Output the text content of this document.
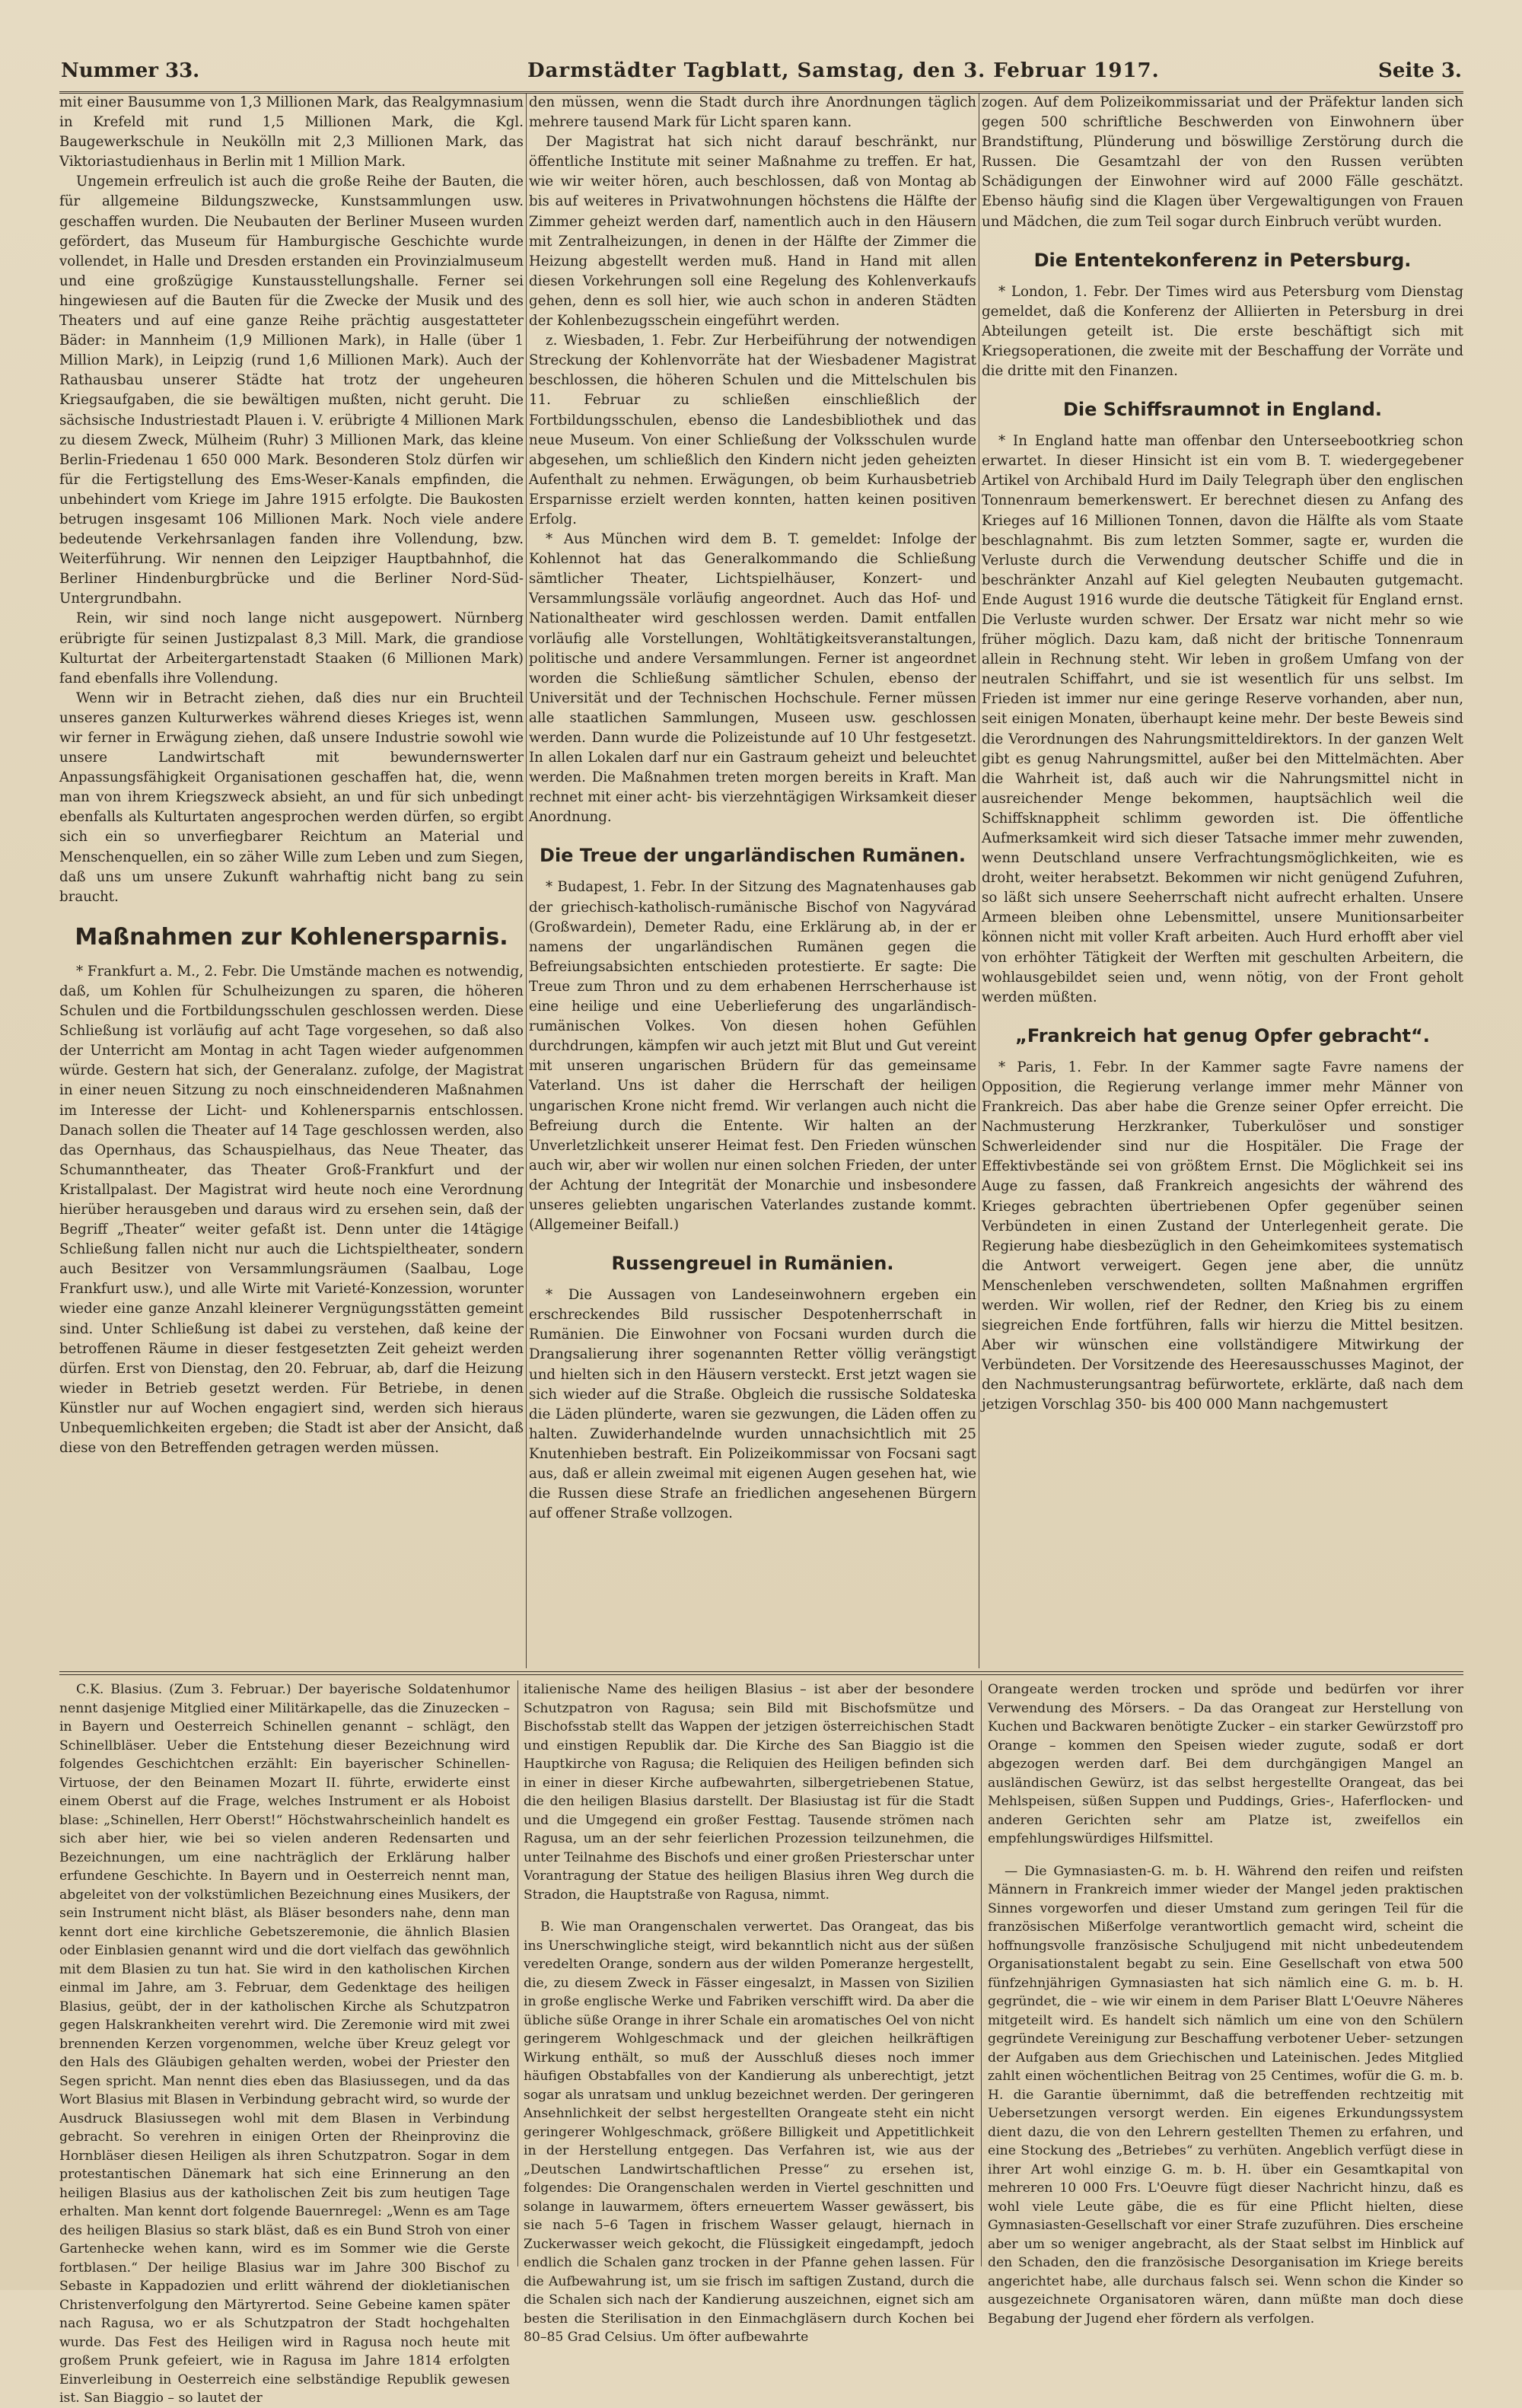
Nummer 33.	Darmstädter Tagblatt, Samstag, den 3. Februar 1917.	Seite 3.

mit einer Bausumme von 1,3 Millionen Mark, das Realgymnasium in Krefeld mit rund 1,5 Millionen Mark, die Kgl. Baugewerkschule in Neukölln mit 2,3 Millionen Mark, das Viktoriastudienhaus in Berlin mit 1 Million Mark.

Ungemein erfreulich ist auch die große Reihe der Bauten, die für allgemeine Bildungszwecke, Kunstsammlungen usw. geschaffen wurden. Die Neubauten der Berliner Museen wurden gefördert, das Museum für Hamburgische Geschichte wurde vollendet, in Halle und Dresden erstanden ein Provinzialmuseum und eine großzügige Kunstausstellungshalle. Ferner sei hingewiesen auf die Bauten für die Zwecke der Musik und des Theaters und auf eine ganze Reihe prächtig ausgestatteter Bäder: in Mannheim (1,9 Millionen Mark), in Halle (über 1 Million Mark), in Leipzig (rund 1,6 Millionen Mark). Auch der Rathausbau unserer Städte hat trotz der ungeheuren Kriegsaufgaben, die sie bewältigen mußten, nicht geruht. Die sächsische Industriestadt Plauen i. V. erübrigte 4 Millionen Mark zu diesem Zweck, Mülheim (Ruhr) 3 Millionen Mark, das kleine Berlin-Friedenau 1 650 000 Mark. Besonderen Stolz dürfen wir für die Fertigstellung des Ems-Weser-Kanals empfinden, die unbehindert vom Kriege im Jahre 1915 erfolgte. Die Baukosten betrugen insgesamt 106 Millionen Mark. Noch viele andere bedeutende Verkehrsanlagen fanden ihre Vollendung, bzw. Weiterführung. Wir nennen den Leipziger Hauptbahnhof, die Berliner Hindenburgbrücke und die Berliner Nord-Süd-Untergrundbahn.

Rein, wir sind noch lange nicht ausgepowert. Nürnberg erübrigte für seinen Justizpalast 8,3 Mill. Mark, die grandiose Kulturtat der Arbeitergartenstadt Staaken (6 Millionen Mark) fand ebenfalls ihre Vollendung.

Wenn wir in Betracht ziehen, daß dies nur ein Bruchteil unseres ganzen Kulturwerkes während dieses Krieges ist, wenn wir ferner in Erwägung ziehen, daß unsere Industrie sowohl wie unsere Landwirtschaft mit bewundernswerter Anpassungsfähigkeit Organisationen geschaffen hat, die, wenn man von ihrem Kriegszweck absieht, an und für sich unbedingt ebenfalls als Kulturtaten angesprochen werden dürfen, so ergibt sich ein so unverfiegbarer Reichtum an Material und Menschenquellen, ein so zäher Wille zum Leben und zum Siegen, daß uns um unsere Zukunft wahrhaftig nicht bang zu sein braucht.

Maßnahmen zur Kohlenersparnis.

* Frankfurt a. M., 2. Febr. Die Umstände machen es notwendig, daß, um Kohlen für Schulheizungen zu sparen, die höheren Schulen und die Fortbildungsschulen geschlossen werden. Diese Schließung ist vorläufig auf acht Tage vorgesehen, so daß also der Unterricht am Montag in acht Tagen wieder aufgenommen würde. Gestern hat sich, der Generalanz. zufolge, der Magistrat in einer neuen Sitzung zu noch einschneidenderen Maßnahmen im Interesse der Licht- und Kohlenersparnis entschlossen. Danach sollen die Theater auf 14 Tage geschlossen werden, also das Opernhaus, das Schauspielhaus, das Neue Theater, das Schumanntheater, das Theater Groß-Frankfurt und der Kristallpalast. Der Magistrat wird heute noch eine Verordnung hierüber herausgeben und daraus wird zu ersehen sein, daß der Begriff „Theater“ weiter gefaßt ist. Denn unter die 14tägige Schließung fallen nicht nur auch die Lichtspieltheater, sondern auch Besitzer von Versammlungsräumen (Saalbau, Loge Frankfurt usw.), und alle Wirte mit Varieté-Konzession, worunter wieder eine ganze Anzahl kleinerer Vergnügungsstätten gemeint sind. Unter Schließung ist dabei zu verstehen, daß keine der betroffenen Räume in dieser festgesetzten Zeit geheizt werden dürfen. Erst von Dienstag, den 20. Februar, ab, darf die Heizung wieder in Betrieb gesetzt werden. Für Betriebe, in denen Künstler nur auf Wochen engagiert sind, werden sich hieraus Unbequemlichkeiten ergeben; die Stadt ist aber der Ansicht, daß diese von den Betreffenden getragen werden müssen.

den müssen, wenn die Stadt durch ihre Anordnungen täglich mehrere tausend Mark für Licht sparen kann.

Der Magistrat hat sich nicht darauf beschränkt, nur öffentliche Institute mit seiner Maßnahme zu treffen. Er hat, wie wir weiter hören, auch beschlossen, daß von Montag ab bis auf weiteres in Privatwohnungen höchstens die Hälfte der Zimmer geheizt werden darf, namentlich auch in den Häusern mit Zentralheizungen, in denen in der Hälfte der Zimmer die Heizung abgestellt werden muß. Hand in Hand mit allen diesen Vorkehrungen soll eine Regelung des Kohlenverkaufs gehen, denn es soll hier, wie auch schon in anderen Städten der Kohlenbezugsschein eingeführt werden.

z. Wiesbaden, 1. Febr. Zur Herbeiführung der notwendigen Streckung der Kohlenvorräte hat der Wiesbadener Magistrat beschlossen, die höheren Schulen und die Mittelschulen bis 11. Februar zu schließen einschließlich der Fortbildungsschulen, ebenso die Landesbibliothek und das neue Museum. Von einer Schließung der Volksschulen wurde abgesehen, um schließlich den Kindern nicht jeden geheizten Aufenthalt zu nehmen. Erwägungen, ob beim Kurhausbetrieb Ersparnisse erzielt werden konnten, hatten keinen positiven Erfolg.

* Aus München wird dem B. T. gemeldet: Infolge der Kohlennot hat das Generalkommando die Schließung sämtlicher Theater, Lichtspielhäuser, Konzert- und Versammlungssäle vorläufig angeordnet. Auch das Hof- und Nationaltheater wird geschlossen werden. Damit entfallen vorläufig alle Vorstellungen, Wohltätigkeitsveranstaltungen, politische und andere Versammlungen. Ferner ist angeordnet worden die Schließung sämtlicher Schulen, ebenso der Universität und der Technischen Hochschule. Ferner müssen alle staatlichen Sammlungen, Museen usw. geschlossen werden. Dann wurde die Polizeistunde auf 10 Uhr festgesetzt. In allen Lokalen darf nur ein Gastraum geheizt und beleuchtet werden. Die Maßnahmen treten morgen bereits in Kraft. Man rechnet mit einer acht- bis vierzehntägigen Wirksamkeit dieser Anordnung.

Die Treue der ungarländischen Rumänen.

* Budapest, 1. Febr. In der Sitzung des Magnatenhauses gab der griechisch-katholisch-rumänische Bischof von Nagyvárad (Großwardein), Demeter Radu, eine Erklärung ab, in der er namens der ungarländischen Rumänen gegen die Befreiungsabsichten entschieden protestierte. Er sagte: Die Treue zum Thron und zu dem erhabenen Herrscherhause ist eine heilige und eine Ueberlieferung des ungarländisch-rumänischen Volkes. Von diesen hohen Gefühlen durchdrungen, kämpfen wir auch jetzt mit Blut und Gut vereint mit unseren ungarischen Brüdern für das gemeinsame Vaterland. Uns ist daher die Herrschaft der heiligen ungarischen Krone nicht fremd. Wir verlangen auch nicht die Befreiung durch die Entente. Wir halten an der Unverletzlichkeit unserer Heimat fest. Den Frieden wünschen auch wir, aber wir wollen nur einen solchen Frieden, der unter der Achtung der Integrität der Monarchie und insbesondere unseres geliebten ungarischen Vaterlandes zustande kommt. (Allgemeiner Beifall.)

Russengreuel in Rumänien.

* Die Aussagen von Landeseinwohnern ergeben ein erschreckendes Bild russischer Despotenherrschaft in Rumänien. Die Einwohner von Focsani wurden durch die Drangsalierung ihrer sogenannten Retter völlig verängstigt und hielten sich in den Häusern versteckt. Erst jetzt wagen sie sich wieder auf die Straße. Obgleich die russische Soldateska die Läden plünderte, waren sie gezwungen, die Läden offen zu halten. Zuwiderhandelnde wurden unnachsichtlich mit 25 Knutenhieben bestraft. Ein Polizeikommissar von Focsani sagt aus, daß er allein zweimal mit eigenen Augen gesehen hat, wie die Russen diese Strafe an friedlichen angesehenen Bürgern auf offener Straße vollzogen.

zogen. Auf dem Polizeikommissariat und der Präfektur landen sich gegen 500 schriftliche Beschwerden von Einwohnern über Brandstiftung, Plünderung und böswillige Zerstörung durch die Russen. Die Gesamtzahl der von den Russen verübten Schädigungen der Einwohner wird auf 2000 Fälle geschätzt. Ebenso häufig sind die Klagen über Vergewaltigungen von Frauen und Mädchen, die zum Teil sogar durch Einbruch verübt wurden.

Die Ententekonferenz in Petersburg.

* London, 1. Febr. Der Times wird aus Petersburg vom Dienstag gemeldet, daß die Konferenz der Alliierten in Petersburg in drei Abteilungen geteilt ist. Die erste beschäftigt sich mit Kriegsoperationen, die zweite mit der Beschaffung der Vorräte und die dritte mit den Finanzen.

Die Schiffsraumnot in England.

* In England hatte man offenbar den Unterseebootkrieg schon erwartet. In dieser Hinsicht ist ein vom B. T. wiedergegebener Artikel von Archibald Hurd im Daily Telegraph über den englischen Tonnenraum bemerkenswert. Er berechnet diesen zu Anfang des Krieges auf 16 Millionen Tonnen, davon die Hälfte als vom Staate beschlagnahmt. Bis zum letzten Sommer, sagte er, wurden die Verluste durch die Verwendung deutscher Schiffe und die in beschränkter Anzahl auf Kiel gelegten Neubauten gutgemacht. Ende August 1916 wurde die deutsche Tätigkeit für England ernst. Die Verluste wurden schwer. Der Ersatz war nicht mehr so wie früher möglich. Dazu kam, daß nicht der britische Tonnenraum allein in Rechnung steht. Wir leben in großem Umfang von der neutralen Schiffahrt, und sie ist wesentlich für uns selbst. Im Frieden ist immer nur eine geringe Reserve vorhanden, aber nun, seit einigen Monaten, überhaupt keine mehr. Der beste Beweis sind die Verordnungen des Nahrungsmitteldirektors. In der ganzen Welt gibt es genug Nahrungsmittel, außer bei den Mittelmächten. Aber die Wahrheit ist, daß auch wir die Nahrungsmittel nicht in ausreichender Menge bekommen, hauptsächlich weil die Schiffsknappheit schlimm geworden ist. Die öffentliche Aufmerksamkeit wird sich dieser Tatsache immer mehr zuwenden, wenn Deutschland unsere Verfrachtungsmöglichkeiten, wie es droht, weiter herabsetzt. Bekommen wir nicht genügend Zufuhren, so läßt sich unsere Seeherrschaft nicht aufrecht erhalten. Unsere Armeen bleiben ohne Lebensmittel, unsere Munitionsarbeiter können nicht mit voller Kraft arbeiten. Auch Hurd erhofft aber viel von erhöhter Tätigkeit der Werften mit geschulten Arbeitern, die wohlausgebildet seien und, wenn nötig, von der Front geholt werden müßten.

„Frankreich hat genug Opfer gebracht“.

* Paris, 1. Febr. In der Kammer sagte Favre namens der Opposition, die Regierung verlange immer mehr Männer von Frankreich. Das aber habe die Grenze seiner Opfer erreicht. Die Nachmusterung Herzkranker, Tuberkulöser und sonstiger Schwerleidender sind nur die Hospitäler. Die Frage der Effektivbestände sei von größtem Ernst. Die Möglichkeit sei ins Auge zu fassen, daß Frankreich angesichts der während des Krieges gebrachten übertriebenen Opfer gegenüber seinen Verbündeten in einen Zustand der Unterlegenheit gerate. Die Regierung habe diesbezüglich in den Geheimkomitees systematisch die Antwort verweigert. Gegen jene aber, die unnütz Menschenleben verschwendeten, sollten Maßnahmen ergriffen werden. Wir wollen, rief der Redner, den Krieg bis zu einem siegreichen Ende fortführen, falls wir hierzu die Mittel besitzen. Aber wir wünschen eine vollständigere Mitwirkung der Verbündeten. Der Vorsitzende des Heeresausschusses Maginot, der den Nachmusterungsantrag befürwortete, erklärte, daß nach dem jetzigen Vorschlag 350- bis 400 000 Mann nachgemustert

C.K. Blasius. (Zum 3. Februar.) Der bayerische Soldatenhumor nennt dasjenige Mitglied einer Militärkapelle, das die Zinuzecken – in Bayern und Oesterreich Schinellen genannt – schlägt, den Schinellbläser. Ueber die Entstehung dieser Bezeichnung wird folgendes Geschichtchen erzählt: Ein bayerischer Schinellen-Virtuose, der den Beinamen Mozart II. führte, erwiderte einst einem Oberst auf die Frage, welches Instrument er als Hoboist blase: „Schinellen, Herr Oberst!“ Höchstwahrscheinlich handelt es sich aber hier, wie bei so vielen anderen Redensarten und Bezeichnungen, um eine nachträglich der Erklärung halber erfundene Geschichte. In Bayern und in Oesterreich nennt man, abgeleitet von der volkstümlichen Bezeichnung eines Musikers, der sein Instrument nicht bläst, als Bläser besonders nahe, denn man kennt dort eine kirchliche Gebetszeremonie, die ähnlich Blasien oder Einblasien genannt wird und die dort vielfach das gewöhnlich mit dem Blasien zu tun hat. Sie wird in den katholischen Kirchen einmal im Jahre, am 3. Februar, dem Gedenktage des heiligen Blasius, geübt, der in der katholischen Kirche als Schutzpatron gegen Halskrankheiten verehrt wird. Die Zeremonie wird mit zwei brennenden Kerzen vorgenommen, welche über Kreuz gelegt vor den Hals des Gläubigen gehalten werden, wobei der Priester den Segen spricht. Man nennt dies eben das Blasiussegen, und da das Wort Blasius mit Blasen in Verbindung gebracht wird, so wurde der Ausdruck Blasiussegen wohl mit dem Blasen in Verbindung gebracht. So verehren in einigen Orten der Rheinprovinz die Hornbläser diesen Heiligen als ihren Schutzpatron. Sogar in dem protestantischen Dänemark hat sich eine Erinnerung an den heiligen Blasius aus der katholischen Zeit bis zum heutigen Tage erhalten. Man kennt dort folgende Bauernregel: „Wenn es am Tage des heiligen Blasius so stark bläst, daß es ein Bund Stroh von einer Gartenhecke wehen kann, wird es im Sommer wie die Gerste fortblasen.“ Der heilige Blasius war im Jahre 300 Bischof zu Sebaste in Kappadozien und erlitt während der diokletianischen Christenverfolgung den Märtyrertod. Seine Gebeine kamen später nach Ragusa, wo er als Schutzpatron der Stadt hochgehalten wurde. Das Fest des Heiligen wird in Ragusa noch heute mit großem Prunk gefeiert, wie in Ragusa im Jahre 1814 erfolgten Einverleibung in Oesterreich eine selbständige Republik gewesen ist. San Biaggio – so lautet der

italienische Name des heiligen Blasius – ist aber der besondere Schutzpatron von Ragusa; sein Bild mit Bischofsmütze und Bischofsstab stellt das Wappen der jetzigen österreichischen Stadt und einstigen Republik dar. Die Kirche des San Biaggio ist die Hauptkirche von Ragusa; die Reliquien des Heiligen befinden sich in einer in dieser Kirche aufbewahrten, silbergetriebenen Statue, die den heiligen Blasius darstellt. Der Blasiustag ist für die Stadt und die Umgegend ein großer Festtag. Tausende strömen nach Ragusa, um an der sehr feierlichen Prozession teilzunehmen, die unter Teilnahme des Bischofs und einer großen Priesterschar unter Vorantragung der Statue des heiligen Blasius ihren Weg durch die Stradon, die Hauptstraße von Ragusa, nimmt.

B. Wie man Orangenschalen verwertet. Das Orangeat, das bis ins Unerschwingliche steigt, wird bekanntlich nicht aus der süßen veredelten Orange, sondern aus der wilden Pomeranze hergestellt, die, zu diesem Zweck in Fässer eingesalzt, in Massen von Sizilien in große englische Werke und Fabriken verschifft wird. Da aber die übliche süße Orange in ihrer Schale ein aromatisches Oel von nicht geringerem Wohlgeschmack und der gleichen heilkräftigen Wirkung enthält, so muß der Ausschluß dieses noch immer häufigen Obstabfalles von der Kandierung als unberechtigt, jetzt sogar als unratsam und unklug bezeichnet werden. Der geringeren Ansehnlichkeit der selbst hergestellten Orangeate steht ein nicht geringerer Wohlgeschmack, größere Billigkeit und Appetitlichkeit in der Herstellung entgegen. Das Verfahren ist, wie aus der „Deutschen Landwirtschaftlichen Presse“ zu ersehen ist, folgendes: Die Orangenschalen werden in Viertel geschnitten und solange in lauwarmem, öfters erneuertem Wasser gewässert, bis sie nach 5–6 Tagen in frischem Wasser gelaugt, hiernach in Zuckerwasser weich gekocht, die Flüssigkeit eingedampft, jedoch endlich die Schalen ganz trocken in der Pfanne gehen lassen. Für die Aufbewahrung ist, um sie frisch im saftigen Zustand, durch die die Schalen sich nach der Kandierung auszeichnen, eignet sich am besten die Sterilisation in den Einmachgläsern durch Kochen bei 80–85 Grad Celsius. Um öfter aufbewahrte

Orangeate werden trocken und spröde und bedürfen vor ihrer Verwendung des Mörsers. – Da das Orangeat zur Herstellung von Kuchen und Backwaren benötigte Zucker – ein starker Gewürzstoff pro Orange – kommen den Speisen wieder zugute, sodaß er dort abgezogen werden darf. Bei dem durchgängigen Mangel an ausländischen Gewürz, ist das selbst hergestellte Orangeat, das bei Mehlspeisen, süßen Suppen und Puddings, Gries-, Haferflocken- und anderen Gerichten sehr am Platze ist, zweifellos ein empfehlungswürdiges Hilfsmittel.

— Die Gymnasiasten-G. m. b. H. Während den reifen und reifsten Männern in Frankreich immer wieder der Mangel jeden praktischen Sinnes vorgeworfen und dieser Umstand zum geringen Teil für die französischen Mißerfolge verantwortlich gemacht wird, scheint die hoffnungsvolle französische Schuljugend mit nicht unbedeutendem Organisationstalent begabt zu sein. Eine Gesellschaft von etwa 500 fünfzehnjährigen Gymnasiasten hat sich nämlich eine G. m. b. H. gegründet, die – wie wir einem in dem Pariser Blatt L'Oeuvre Näheres mitgeteilt wird. Es handelt sich nämlich um eine von den Schülern gegründete Vereinigung zur Beschaffung verbotener Ueber- setzungen der Aufgaben aus dem Griechischen und Lateinischen. Jedes Mitglied zahlt einen wöchentlichen Beitrag von 25 Centimes, wofür die G. m. b. H. die Garantie übernimmt, daß die betreffenden rechtzeitig mit Uebersetzungen versorgt werden. Ein eigenes Erkundungssystem dient dazu, die von den Lehrern gestellten Themen zu erfahren, und eine Stockung des „Betriebes“ zu verhüten. Angeblich verfügt diese in ihrer Art wohl einzige G. m. b. H. über ein Gesamtkapital von mehreren 10 000 Frs. L'Oeuvre fügt dieser Nachricht hinzu, daß es wohl viele Leute gäbe, die es für eine Pflicht hielten, diese Gymnasiasten-Gesellschaft vor einer Strafe zuzuführen. Dies erscheine aber um so weniger angebracht, als der Staat selbst im Hinblick auf den Schaden, den die französische Desorganisation im Kriege bereits angerichtet habe, alle durchaus falsch sei. Wenn schon die Kinder so ausgezeichnete Organisatoren wären, dann müßte man doch diese Begabung der Jugend eher fördern als verfolgen.
